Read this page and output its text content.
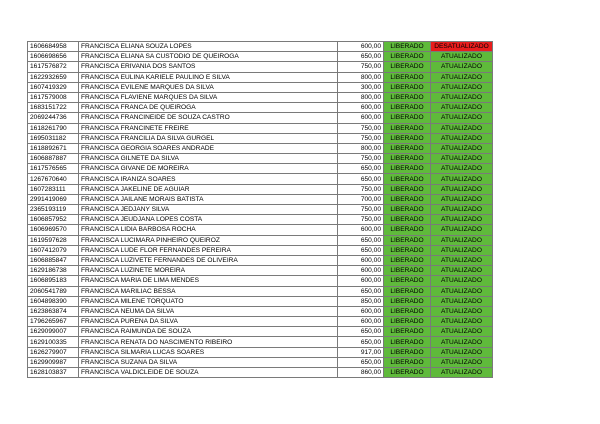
1606684958	FRANCISCA ELIANA SOUZA LOPES	600,00	LIBERADO	DESATUALIZADO
1606698656	FRANCISCA ELIANA SA CUSTODIO DE QUEIROGA	650,00	LIBERADO	ATUALIZADO
1617576872	FRANCISCA ERIVANIA DOS SANTOS	750,00	LIBERADO	ATUALIZADO
1622932659	FRANCISCA EULINA KARIELE PAULINO E SILVA	800,00	LIBERADO	ATUALIZADO
1607419329	FRANCISCA EVILENE MARQUES DA SILVA	300,00	LIBERADO	ATUALIZADO
1617579008	FRANCISCA FLAVIENE MARQUES DA SILVA	800,00	LIBERADO	ATUALIZADO
1683151722	FRANCISCA FRANCA DE QUEIROGA	600,00	LIBERADO	ATUALIZADO
2069244736	FRANCISCA FRANCINEIDE DE SOUZA CASTRO	600,00	LIBERADO	ATUALIZADO
1618261790	FRANCISCA FRANCINETE FREIRE	750,00	LIBERADO	ATUALIZADO
1695031182	FRANCISCA FRANCILIA DA SILVA GURGEL	750,00	LIBERADO	ATUALIZADO
1618892671	FRANCISCA GEORGIA SOARES ANDRADE	800,00	LIBERADO	ATUALIZADO
1606887887	FRANCISCA GILNETE DA SILVA	750,00	LIBERADO	ATUALIZADO
1617576565	FRANCISCA GIVANE DE MOREIRA	650,00	LIBERADO	ATUALIZADO
1267670640	FRANCISCA IRANIZA SOARES	650,00	LIBERADO	ATUALIZADO
1607283111	FRANCISCA JAKELINE DE AGUIAR	750,00	LIBERADO	ATUALIZADO
2991419069	FRANCISCA JAILANE MORAIS BATISTA	700,00	LIBERADO	ATUALIZADO
2365193119	FRANCISCA JEDJANY SILVA	750,00	LIBERADO	ATUALIZADO
1606857952	FRANCISCA JEUDJANA LOPES COSTA	750,00	LIBERADO	ATUALIZADO
1606969570	FRANCISCA LIDIA BARBOSA ROCHA	600,00	LIBERADO	ATUALIZADO
1619597628	FRANCISCA LUCIMARA PINHEIRO QUEIROZ	650,00	LIBERADO	ATUALIZADO
1607412079	FRANCISCA LUDE FLOR FERNANDES PEREIRA	650,00	LIBERADO	ATUALIZADO
1606885847	FRANCISCA LUZIVETE FERNANDES DE OLIVEIRA	600,00	LIBERADO	ATUALIZADO
1629186738	FRANCISCA LUZINETE MOREIRA	600,00	LIBERADO	ATUALIZADO
1606895183	FRANCISCA MARIA DE LIMA MENDES	600,00	LIBERADO	ATUALIZADO
2060541789	FRANCISCA MARILIAC BESSA	650,00	LIBERADO	ATUALIZADO
1604898390	FRANCISCA MILENE TORQUATO	850,00	LIBERADO	ATUALIZADO
1623863874	FRANCISCA NEUMA DA SILVA	600,00	LIBERADO	ATUALIZADO
1796265967	FRANCISCA PURENA DA SILVA	600,00	LIBERADO	ATUALIZADO
1629099007	FRANCISCA RAIMUNDA DE SOUZA	650,00	LIBERADO	ATUALIZADO
1629100335	FRANCISCA RENATA DO NASCIMENTO RIBEIRO	650,00	LIBERADO	ATUALIZADO
1626279907	FRANCISCA SILMARIA LUCAS SOARES	917,00	LIBERADO	ATUALIZADO
1629909987	FRANCISCA SUZANA DA SILVA	650,00	LIBERADO	ATUALIZADO
1628103837	FRANCISCA VALDICLEIDE DE SOUZA	860,00	LIBERADO	ATUALIZADO
